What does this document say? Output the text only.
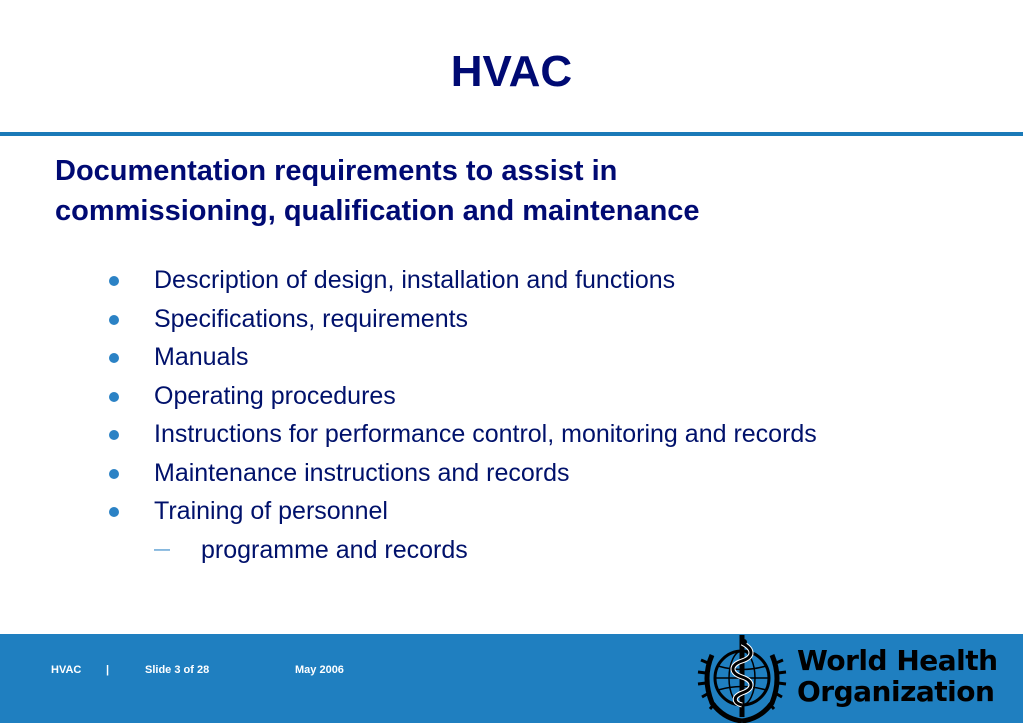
HVAC
Documentation requirements to assist in
commissioning, qualification and maintenance
Description of design, installation and functions
Specifications, requirements
Manuals
Operating procedures
Instructions for performance control, monitoring and records
Maintenance instructions and records
Training of personnel
— programme and records
HVAC |	Slide 3 of 28	May 2006	World Health
Organization
